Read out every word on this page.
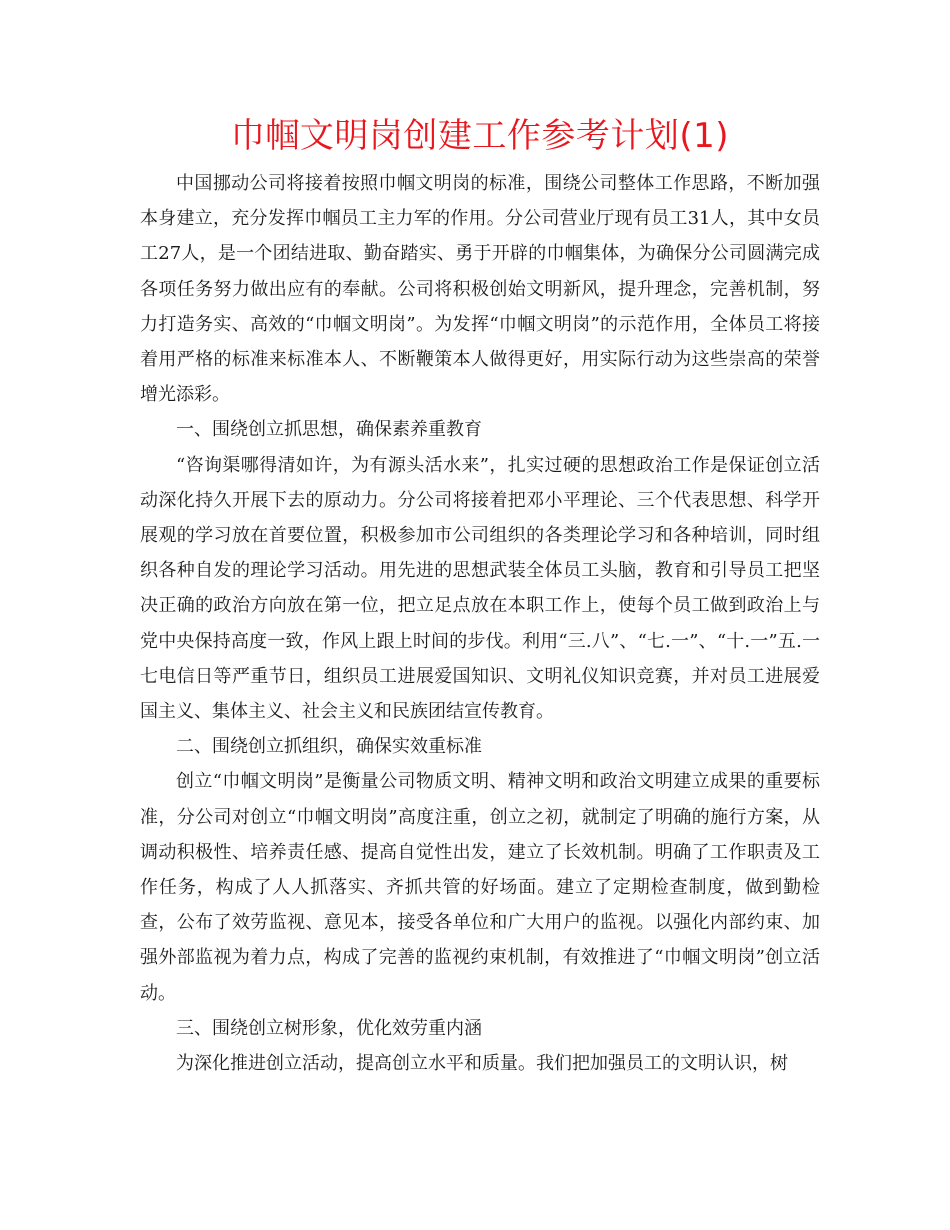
巾帼文明岗创建工作参考计划(1)

中国挪动公司将接着按照巾帼文明岗的标准，围绕公司整体工作思路，不断加强本身建立，充分发挥巾帼员工主力军的作用。分公司营业厅现有员工31人，其中女员工27人，是一个团结进取、勤奋踏实、勇于开辟的巾帼集体，为确保分公司圆满完成各项任务努力做出应有的奉献。公司将积极创始文明新风，提升理念，完善机制，努力打造务实、高效的“巾帼文明岗”。为发挥“巾帼文明岗”的示范作用，全体员工将接着用严格的标准来标准本人、不断鞭策本人做得更好，用实际行动为这些崇高的荣誉增光添彩。

一、围绕创立抓思想，确保素养重教育

“咨询渠哪得清如许，为有源头活水来”，扎实过硬的思想政治工作是保证创立活动深化持久开展下去的原动力。分公司将接着把邓小平理论、三个代表思想、科学开展观的学习放在首要位置，积极参加市公司组织的各类理论学习和各种培训，同时组织各种自发的理论学习活动。用先进的思想武装全体员工头脑，教育和引导员工把坚决正确的政治方向放在第一位，把立足点放在本职工作上，使每个员工做到政治上与党中央保持高度一致，作风上跟上时间的步伐。利用“三.八”、“七.一”、“十.一”五.一七电信日等严重节日，组织员工进展爱国知识、文明礼仪知识竞赛，并对员工进展爱国主义、集体主义、社会主义和民族团结宣传教育。

二、围绕创立抓组织，确保实效重标准

创立“巾帼文明岗”是衡量公司物质文明、精神文明和政治文明建立成果的重要标准，分公司对创立“巾帼文明岗”高度注重，创立之初，就制定了明确的施行方案，从调动积极性、培养责任感、提高自觉性出发，建立了长效机制。明确了工作职责及工作任务，构成了人人抓落实、齐抓共管的好场面。建立了定期检查制度，做到勤检查，公布了效劳监视、意见本，接受各单位和广大用户的监视。以强化内部约束、加强外部监视为着力点，构成了完善的监视约束机制，有效推进了“巾帼文明岗”创立活动。

三、围绕创立树形象，优化效劳重内涵

为深化推进创立活动，提高创立水平和质量。我们把加强员工的文明认识，树
